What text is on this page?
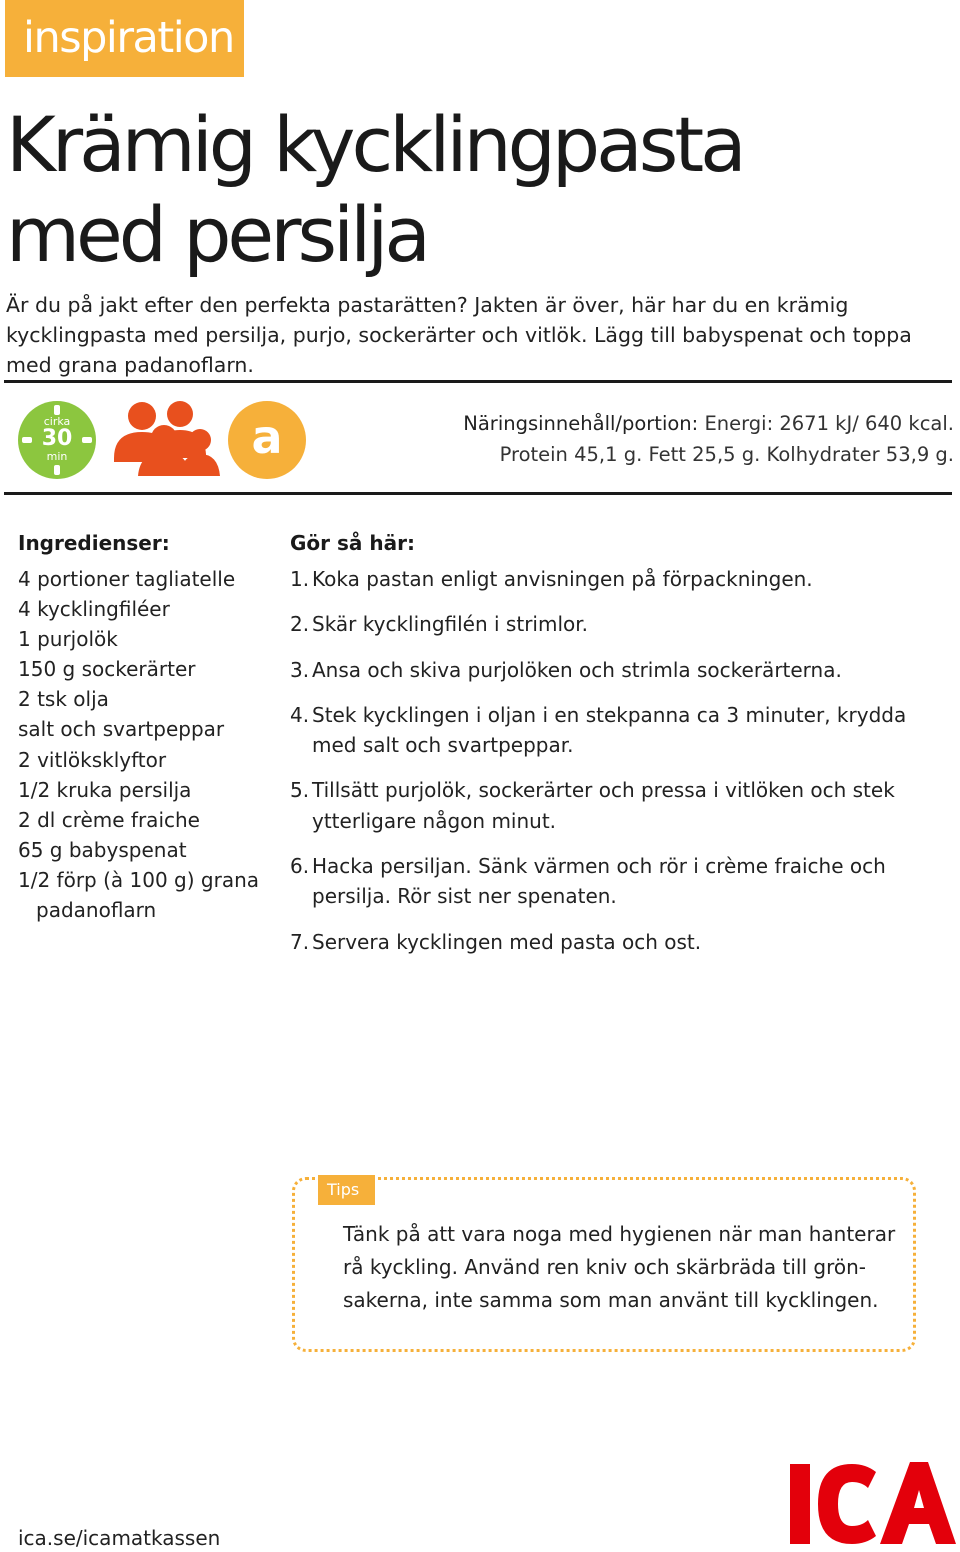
inspiration
Krämig kycklingpasta
med persilja

Är du på jakt efter den perfekta pastarätten? Jakten är över, här har du en krämig kycklingpasta med persilja, purjo, sockerärter och vitlök. Lägg till babyspenat och toppa med grana padanoflarn.

cirka
30
min	a	Näringsinnehåll/portion: Energi: 2671 kJ/ 640 kcal.
Protein 45,1 g. Fett 25,5 g. Kolhydrater 53,9 g.
Ingredienser:
4 portioner tagliatelle
4 kycklingfiléer
1 purjolök
150 g sockerärter
2 tsk olja
salt och svartpeppar
2 vitlöksklyftor
1/2 kruka persilja
2 dl crème fraiche
65 g babyspenat
1/2 förp (à 100 g) grana padanoflarn
Gör så här:
1. Koka pastan enligt anvisningen på förpackningen.
2. Skär kycklingfilén i strimlor.
3. Ansa och skiva purjolöken och strimla sockerärterna.
4. Stek kycklingen i oljan i en stekpanna ca 3 minuter, krydda med salt och svartpeppar.
5. Tillsätt purjolök, sockerärter och pressa i vitlöken och stek ytterligare någon minut.
6. Hacka persiljan. Sänk värmen och rör i crème fraiche och persilja. Rör sist ner spenaten.
7. Servera kycklingen med pasta och ost.
Tips

Tänk på att vara noga med hygienen när man hanterar rå kyckling. Använd ren kniv och skärbräda till grön-sakerna, inte samma som man använt till kycklingen.

ica.se/icamatkassen
